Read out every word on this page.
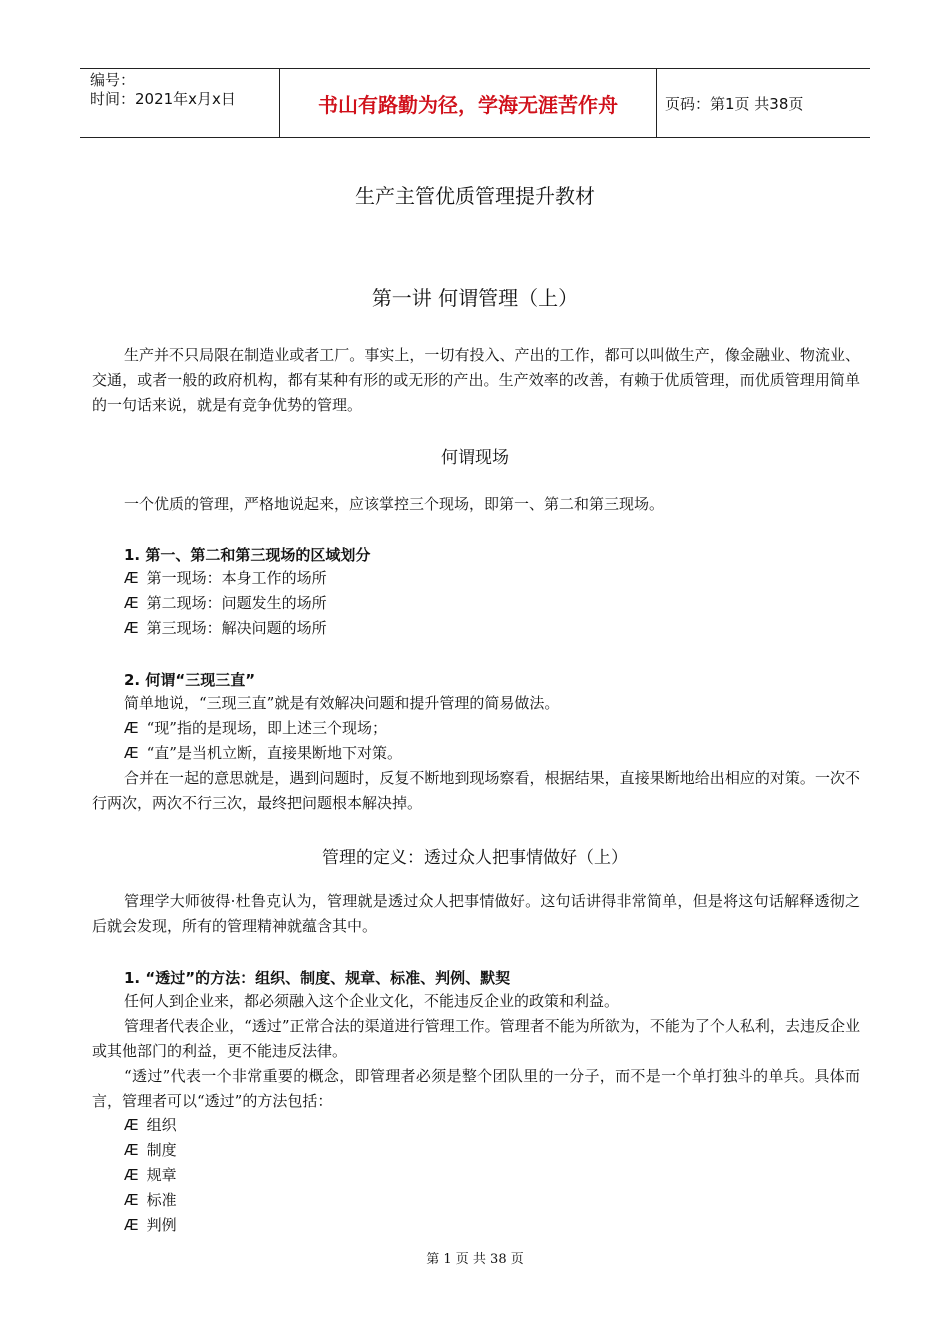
编号：
时间：2021年x月x日	书山有路勤为径，学海无涯苦作舟	页码：第1页 共38页
生产主管优质管理提升教材
第一讲 何谓管理（上）

生产并不只局限在制造业或者工厂。事实上，一切有投入、产出的工作，都可以叫做生产，像金融业、物流业、交通，或者一般的政府机构，都有某种有形的或无形的产出。生产效率的改善，有赖于优质管理，而优质管理用简单的一句话来说，就是有竞争优势的管理。

何谓现场

一个优质的管理，严格地说起来，应该掌控三个现场，即第一、第二和第三现场。

1. 第一、第二和第三现场的区域划分
Æ 第一现场：本身工作的场所
Æ 第二现场：问题发生的场所
Æ 第三现场：解决问题的场所
2. 何谓“三现三直”

简单地说，“三现三直”就是有效解决问题和提升管理的简易做法。

Æ “现”指的是现场，即上述三个现场；
Æ “直”是当机立断，直接果断地下对策。

合并在一起的意思就是，遇到问题时，反复不断地到现场察看，根据结果，直接果断地给出相应的对策。一次不行两次，两次不行三次，最终把问题根本解决掉。

管理的定义：透过众人把事情做好（上）

管理学大师彼得·杜鲁克认为，管理就是透过众人把事情做好。这句话讲得非常简单，但是将这句话解释透彻之后就会发现，所有的管理精神就蕴含其中。

1. “透过”的方法：组织、制度、规章、标准、判例、默契

任何人到企业来，都必须融入这个企业文化，不能违反企业的政策和利益。

管理者代表企业，“透过”正常合法的渠道进行管理工作。管理者不能为所欲为，不能为了个人私利，去违反企业或其他部门的利益，更不能违反法律。

“透过”代表一个非常重要的概念，即管理者必须是整个团队里的一分子，而不是一个单打独斗的单兵。具体而言，管理者可以“透过”的方法包括：

Æ 组织
Æ 制度
Æ 规章
Æ 标准
Æ 判例
第 1 页 共 38 页
